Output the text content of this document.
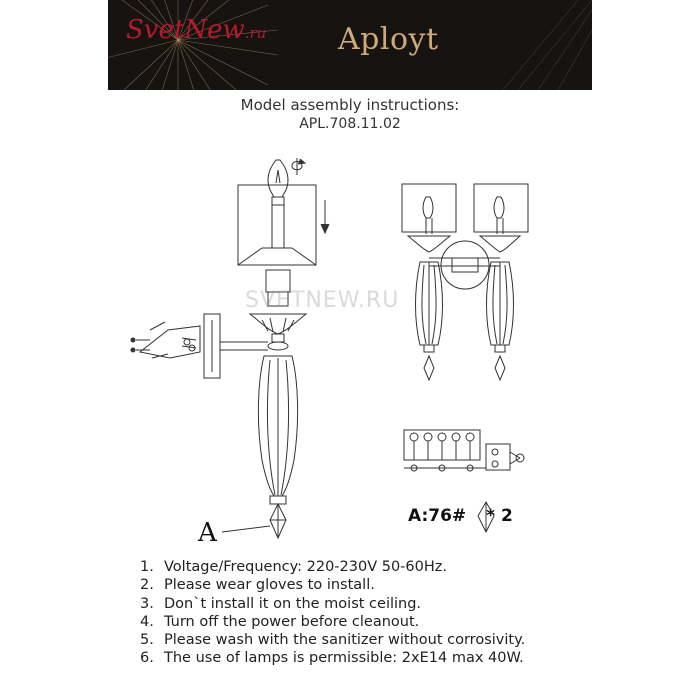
SvetNew.ru Aployt
Model assembly instructions:
APL.708.11.02
SVETNEW.RU
A
A:76# * 2
1. Voltage/Frequency: 220-230V 50-60Hz.
2. Please wear gloves to install.
3. Don`t install it on the moist ceiling.
4. Turn off the power before cleanout.
5. Please wash with the sanitizer without corrosivity.
6. The use of lamps is permissible: 2xE14 max 40W.
